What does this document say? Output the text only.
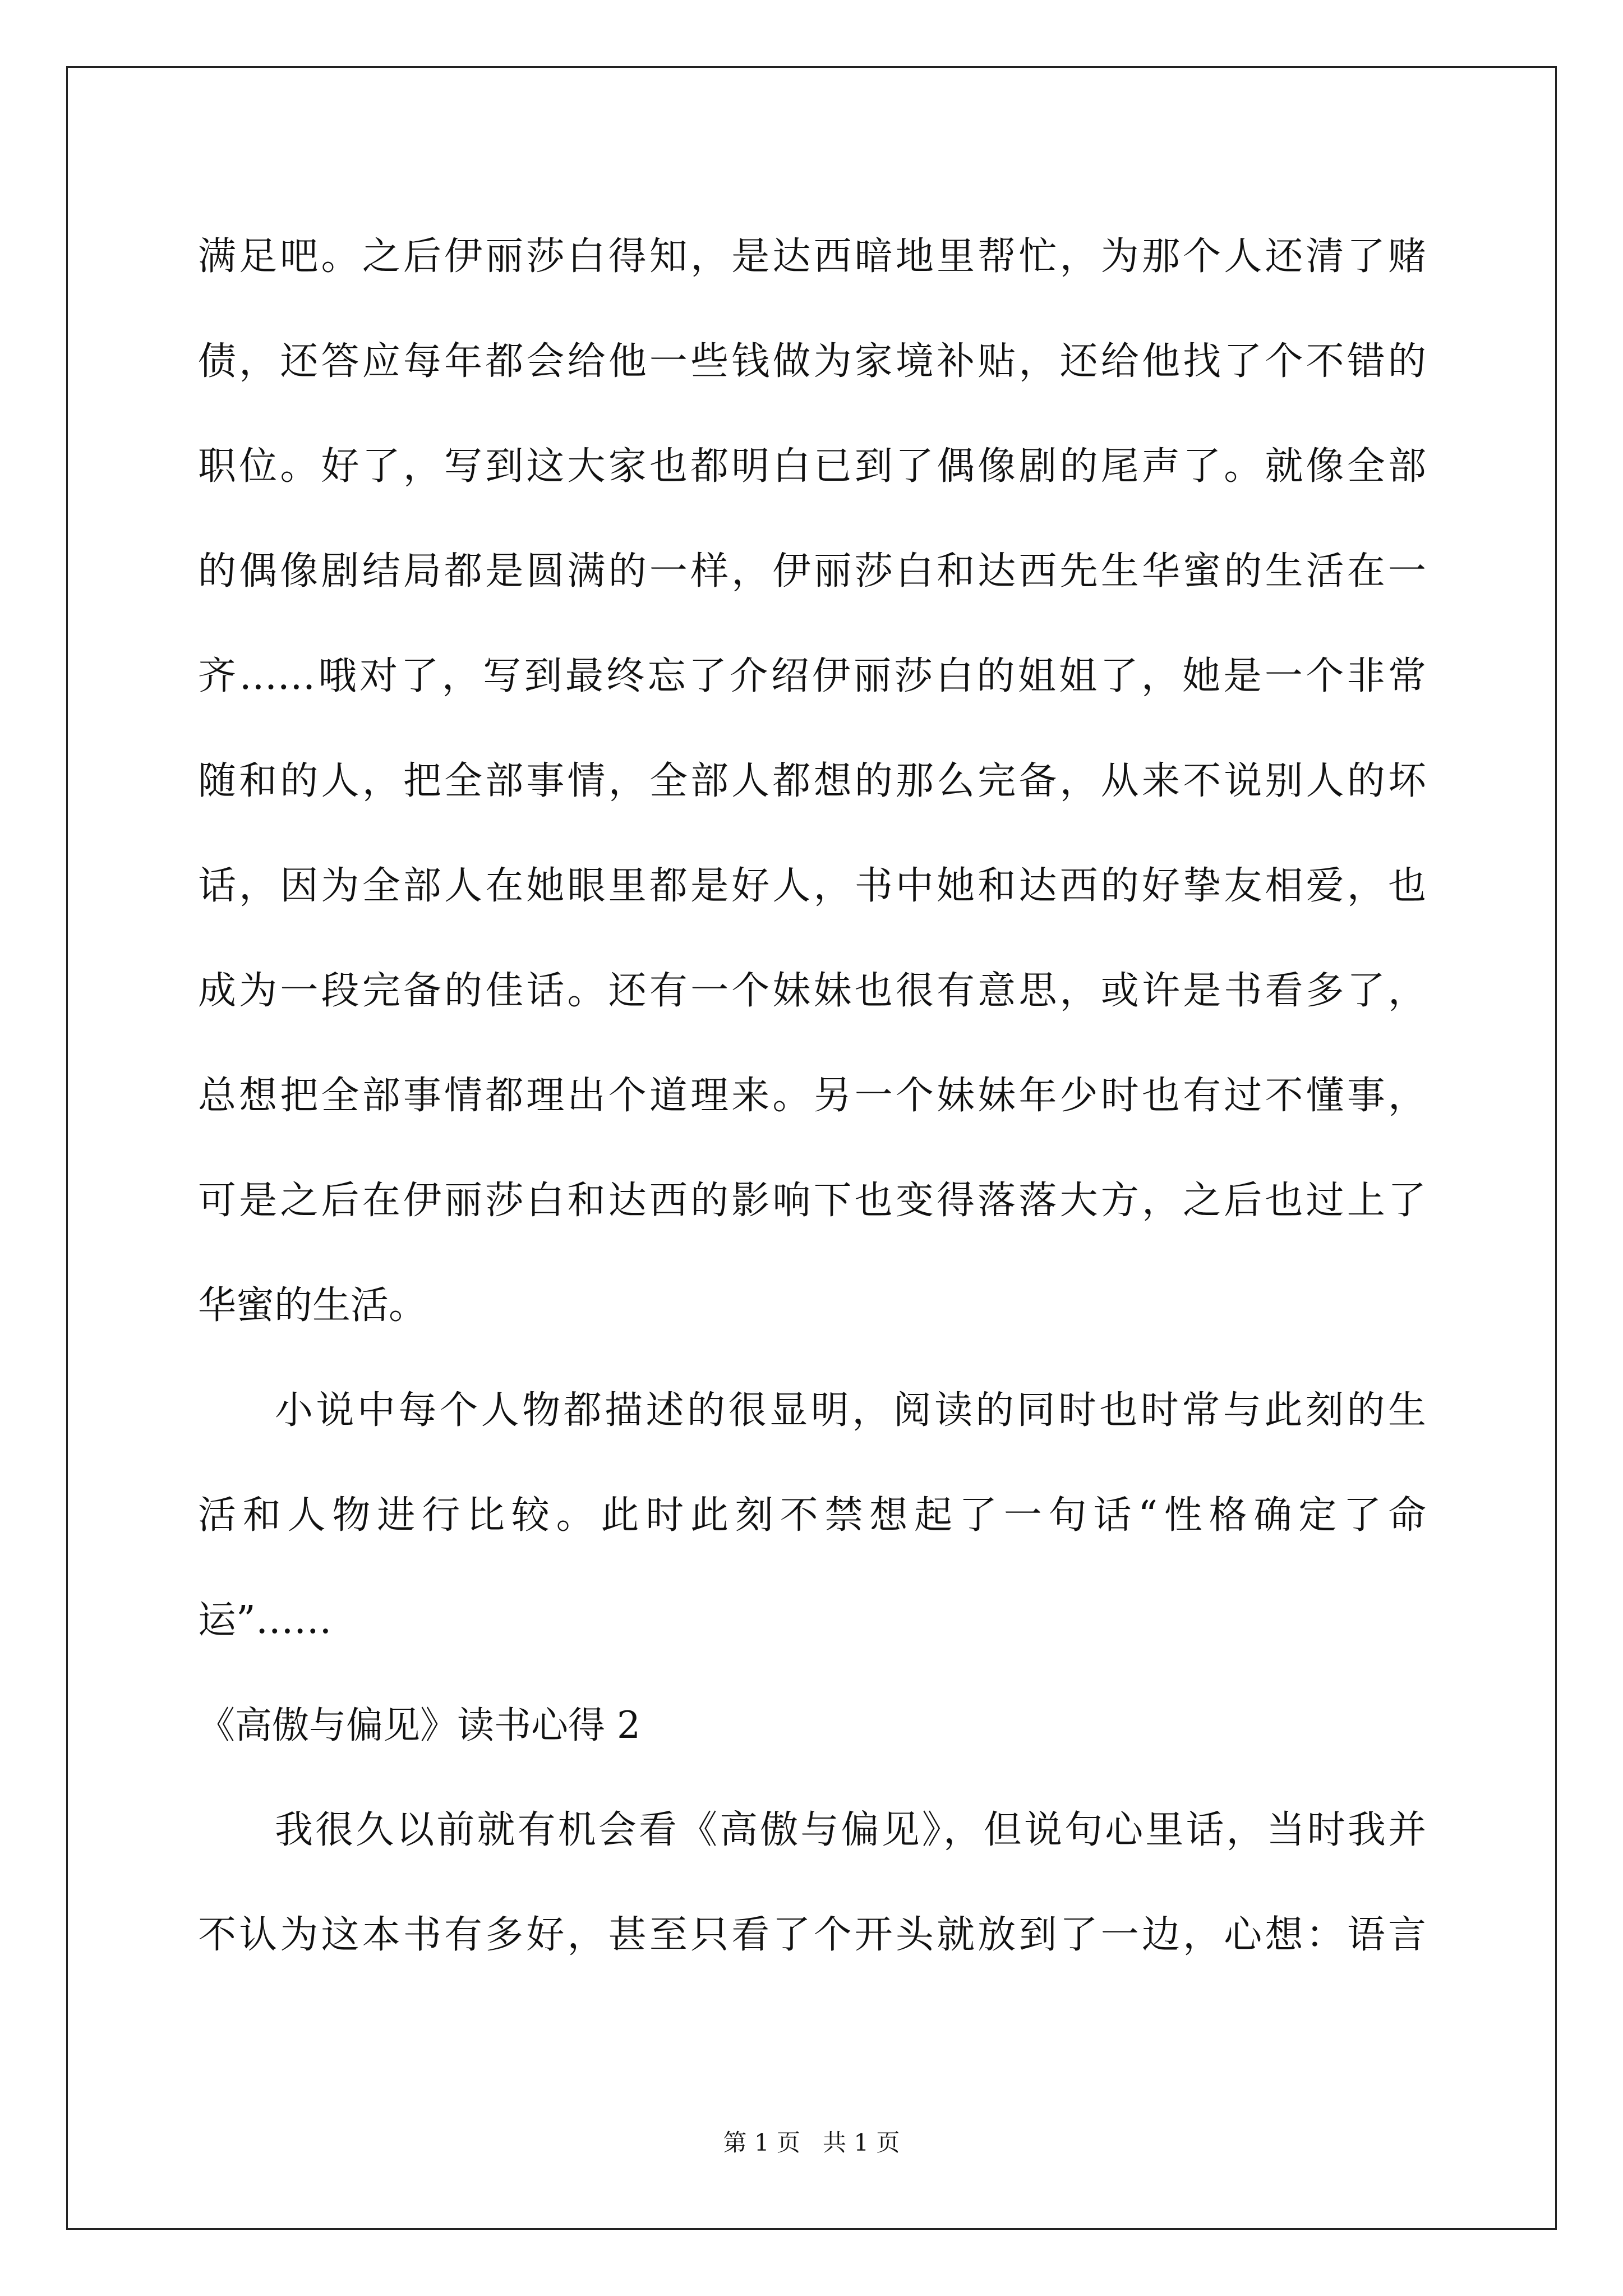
满足吧。之后伊丽莎白得知，是达西暗地里帮忙，为那个人还清了赌
债，还答应每年都会给他一些钱做为家境补贴，还给他找了个不错的
职位。好了，写到这大家也都明白已到了偶像剧的尾声了。就像全部
的偶像剧结局都是圆满的一样，伊丽莎白和达西先生华蜜的生活在一
齐……哦对了，写到最终忘了介绍伊丽莎白的姐姐了，她是一个非常
随和的人，把全部事情，全部人都想的那么完备，从来不说别人的坏
话，因为全部人在她眼里都是好人，书中她和达西的好挚友相爱，也
成为一段完备的佳话。还有一个妹妹也很有意思，或许是书看多了，
总想把全部事情都理出个道理来。另一个妹妹年少时也有过不懂事，
可是之后在伊丽莎白和达西的影响下也变得落落大方，之后也过上了
华蜜的生活。
小说中每个人物都描述的很显明，阅读的同时也时常与此刻的生
活和人物进行比较。此时此刻不禁想起了一句话“性格确定了命
运”……
《高傲与偏见》读书心得 2
我很久以前就有机会看《高傲与偏见》，但说句心里话，当时我并
不认为这本书有多好，甚至只看了个开头就放到了一边，心想：语言
第 1 页   共 1 页
